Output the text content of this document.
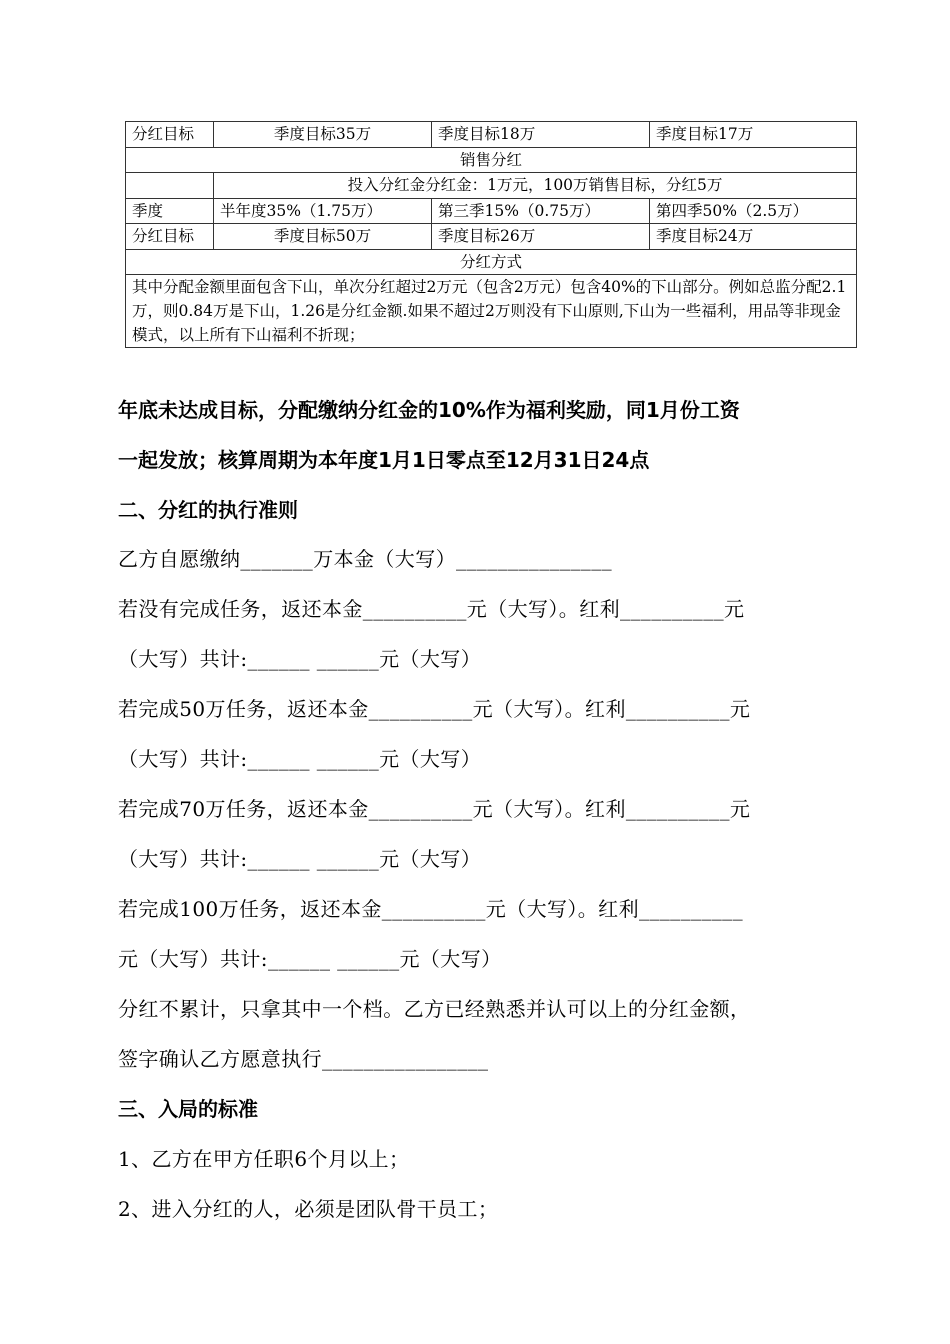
分红目标	季度目标35万	季度目标18万	季度目标17万
销售分红			
	投入分红金分红金：1万元，100万销售目标，分红5万		
季度	半年度35%（1.75万）	第三季15%（0.75万）	第四季50%（2.5万）
分红目标	季度目标50万	季度目标26万	季度目标24万
分红方式			
其中分配金额里面包含下山，单次分红超过2万元（包含2万元）包含40%的下山部分。例如总监分配2.1万，则0.84万是下山，1.26是分红金额.如果不超过2万则没有下山原则,下山为一些福利，用品等非现金模式，以上所有下山福利不折现；			
年底未达成目标，分配缴纳分红金的10%作为福利奖励，同1月份工资
一起发放；核算周期为本年度1月1日零点至12月31日24点
二、分红的执行准则
乙方自愿缴纳_______万本金（大写）_______________
若没有完成任务，返还本金__________元（大写）。红利__________元
（大写）共计:______ ______元（大写）
若完成50万任务，返还本金__________元（大写）。红利__________元
（大写）共计:______ ______元（大写）
若完成70万任务，返还本金__________元（大写）。红利__________元
（大写）共计:______ ______元（大写）
若完成100万任务，返还本金__________元（大写）。红利__________
元（大写）共计:______ ______元（大写）
分红不累计，只拿其中一个档。乙方已经熟悉并认可以上的分红金额，
签字确认乙方愿意执行________________
三、入局的标准
1、乙方在甲方任职6个月以上；
2、进入分红的人，必须是团队骨干员工；
